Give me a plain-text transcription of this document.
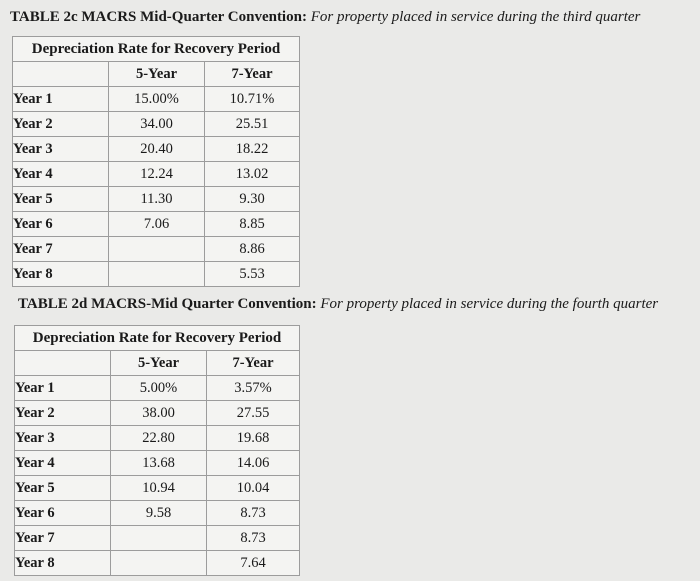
TABLE 2c MACRS Mid-Quarter Convention: For property placed in service during the third quarter
Depreciation Rate for Recovery Period		
	5-Year	7-Year
Year 1	15.00%	10.71%
Year 2	34.00	25.51
Year 3	20.40	18.22
Year 4	12.24	13.02
Year 5	11.30	9.30
Year 6	7.06	8.85
Year 7		8.86
Year 8		5.53
TABLE 2d MACRS-Mid Quarter Convention: For property placed in service during the fourth quarter
Depreciation Rate for Recovery Period		
	5-Year	7-Year
Year 1	5.00%	3.57%
Year 2	38.00	27.55
Year 3	22.80	19.68
Year 4	13.68	14.06
Year 5	10.94	10.04
Year 6	9.58	8.73
Year 7		8.73
Year 8		7.64
